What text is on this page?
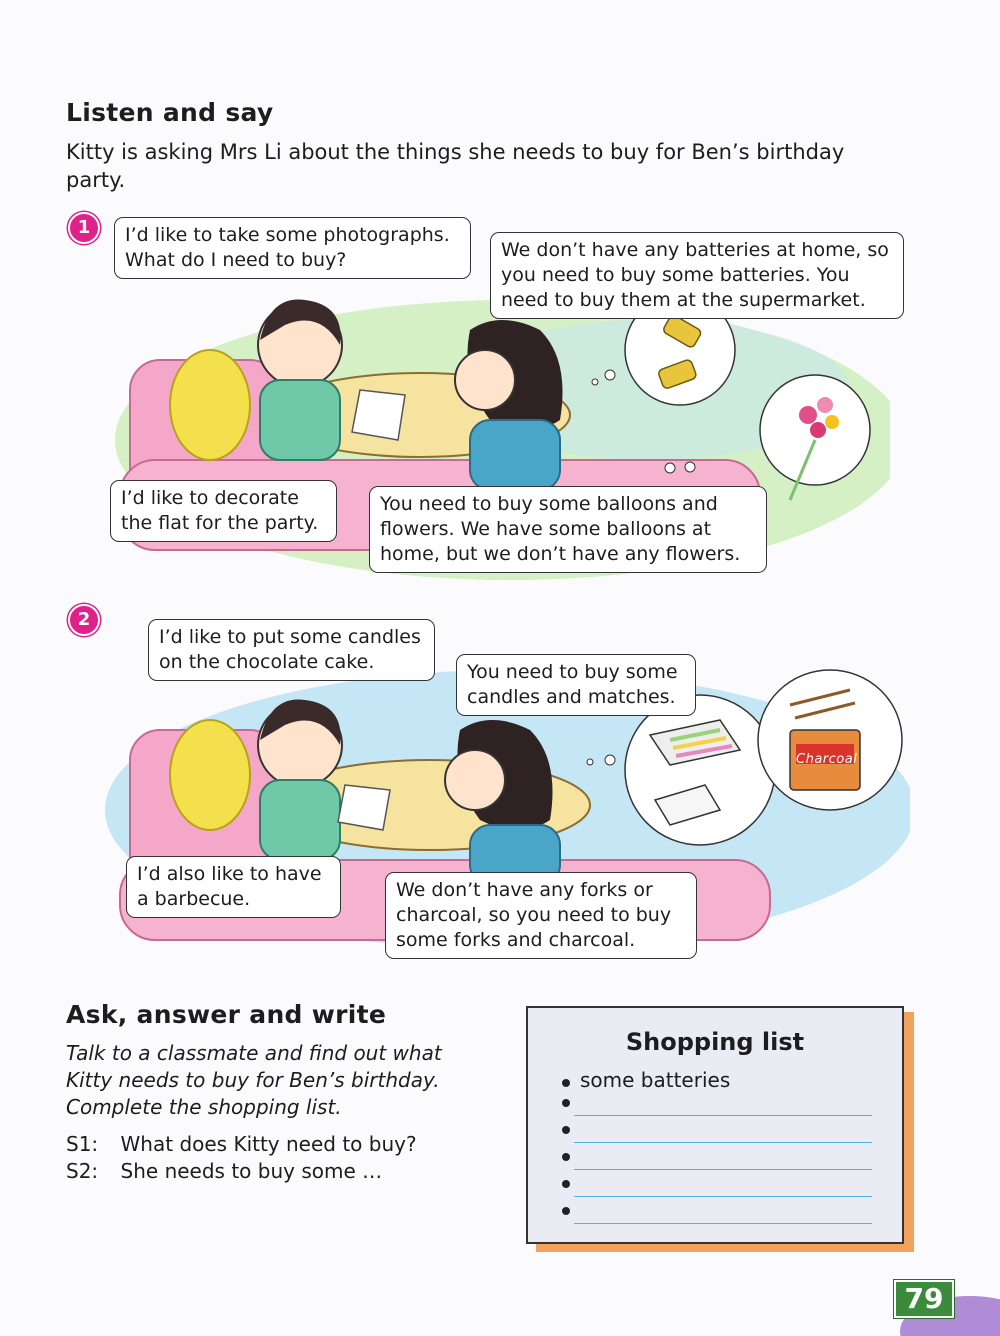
Listen and say
Kitty is asking Mrs Li about the things she needs to buy for Ben’s birthday party.
1	I’d like to take some photographs. What do I need to buy?	We don’t have any batteries at home, so you need to buy some batteries. You need to buy them at the supermarket.
I’d like to decorate the flat for the party.
You need to buy some balloons and flowers. We have some balloons at home, but we don’t have any flowers.
2
Charcoal
I’d like to put some candles on the chocolate cake.	You need to buy some candles and matches.
I’d also like to have a barbecue.	We don’t have any forks or charcoal, so you need to buy some forks and charcoal.
Ask, answer and write
Talk to a classmate and find out what Kitty needs to buy for Ben’s birthday. Complete the shopping list.
S1: What does Kitty need to buy?
S2: She needs to buy some …
Shopping list
some batteries
79
